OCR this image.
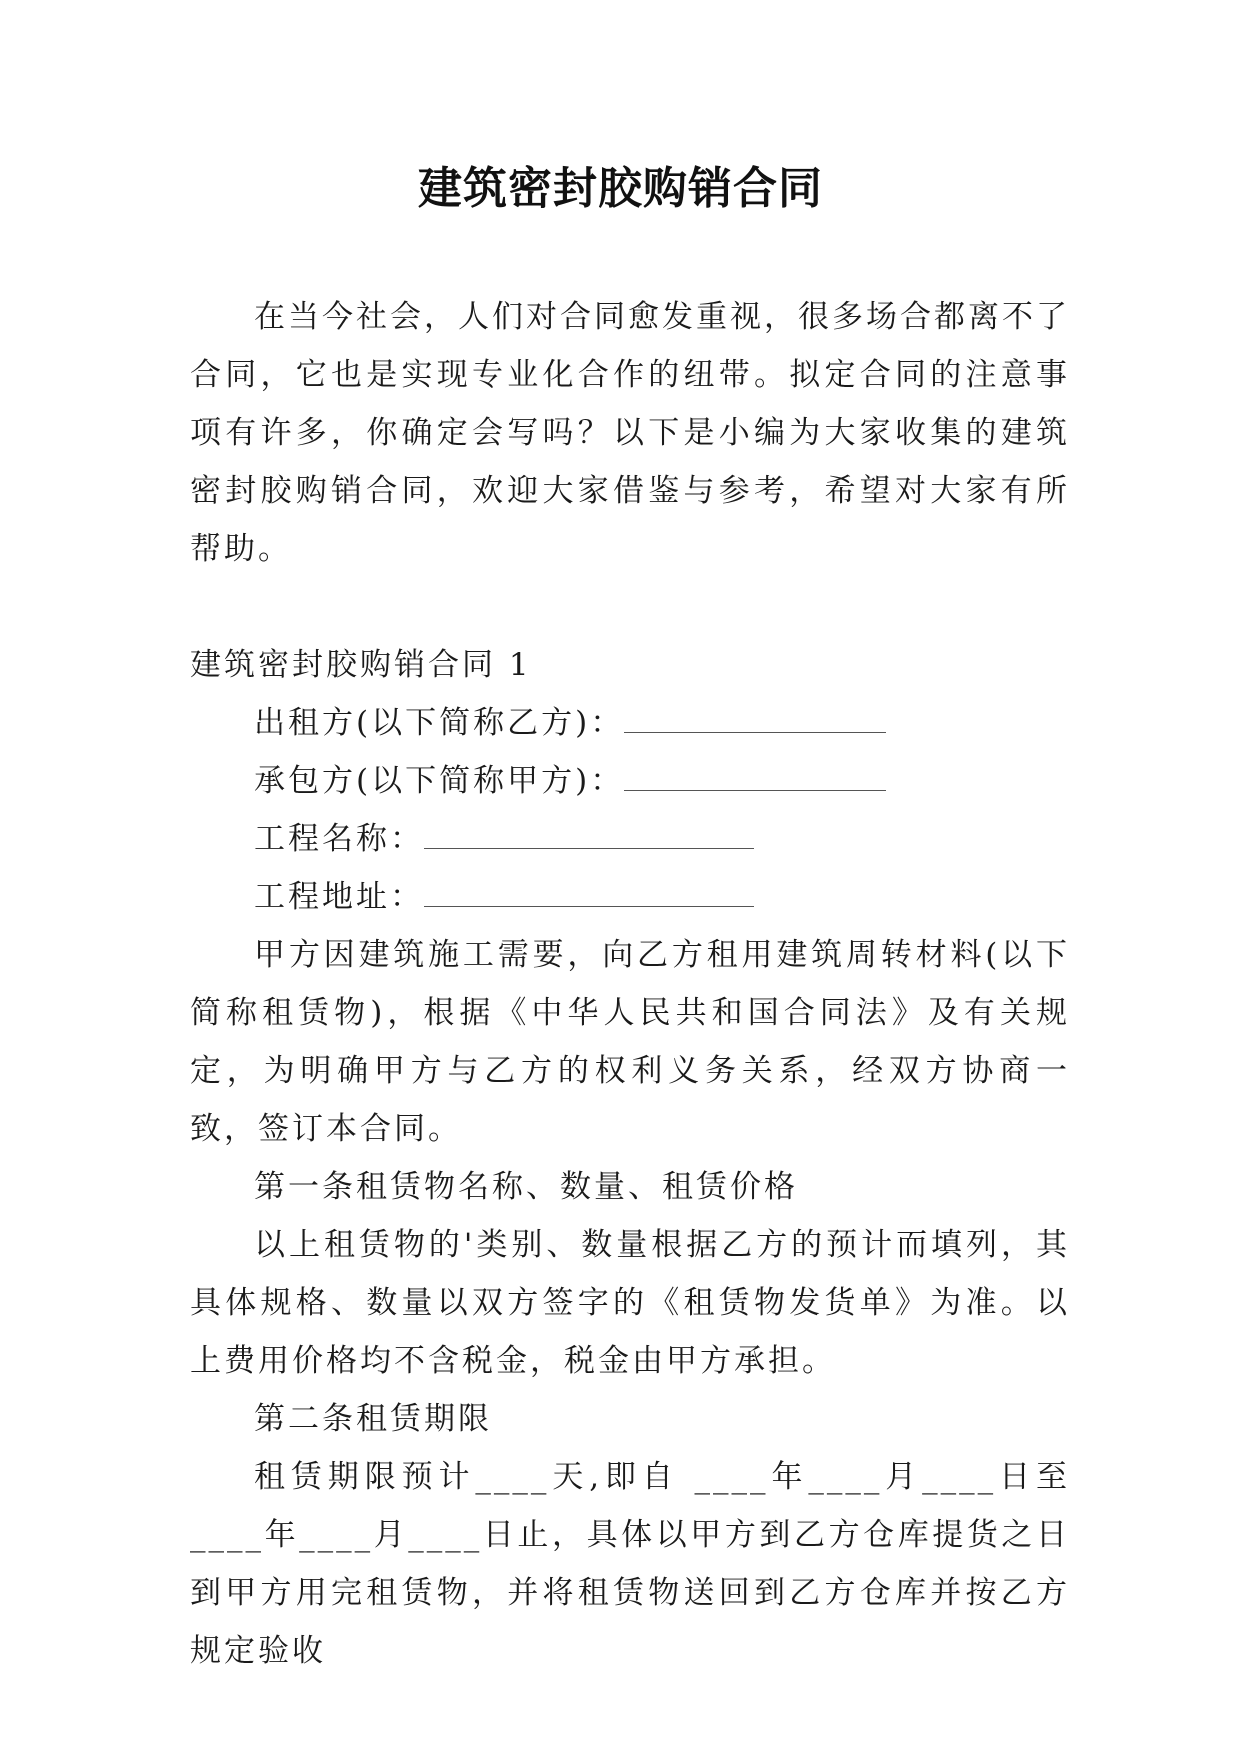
建筑密封胶购销合同

在当今社会，人们对合同愈发重视，很多场合都离不了合同，它也是实现专业化合作的纽带。拟定合同的注意事项有许多，你确定会写吗？以下是小编为大家收集的建筑密封胶购销合同，欢迎大家借鉴与参考，希望对大家有所帮助。

建筑密封胶购销合同 1

出租方(以下简称乙方)：

承包方(以下简称甲方)：

工程名称：

工程地址：

甲方因建筑施工需要，向乙方租用建筑周转材料(以下简称租赁物)，根据《中华人民共和国合同法》及有关规定，为明确甲方与乙方的权利义务关系，经双方协商一致，签订本合同。

第一条租赁物名称、数量、租赁价格

以上租赁物的'类别、数量根据乙方的预计而填列，其具体规格、数量以双方签字的《租赁物发货单》为准。以上费用价格均不含税金，税金由甲方承担。

第二条租赁期限

租赁期限预计____天,即自 ____年____月____日至____年____月____日止，具体以甲方到乙方仓库提货之日到甲方用完租赁物，并将租赁物送回到乙方仓库并按乙方规定验收
